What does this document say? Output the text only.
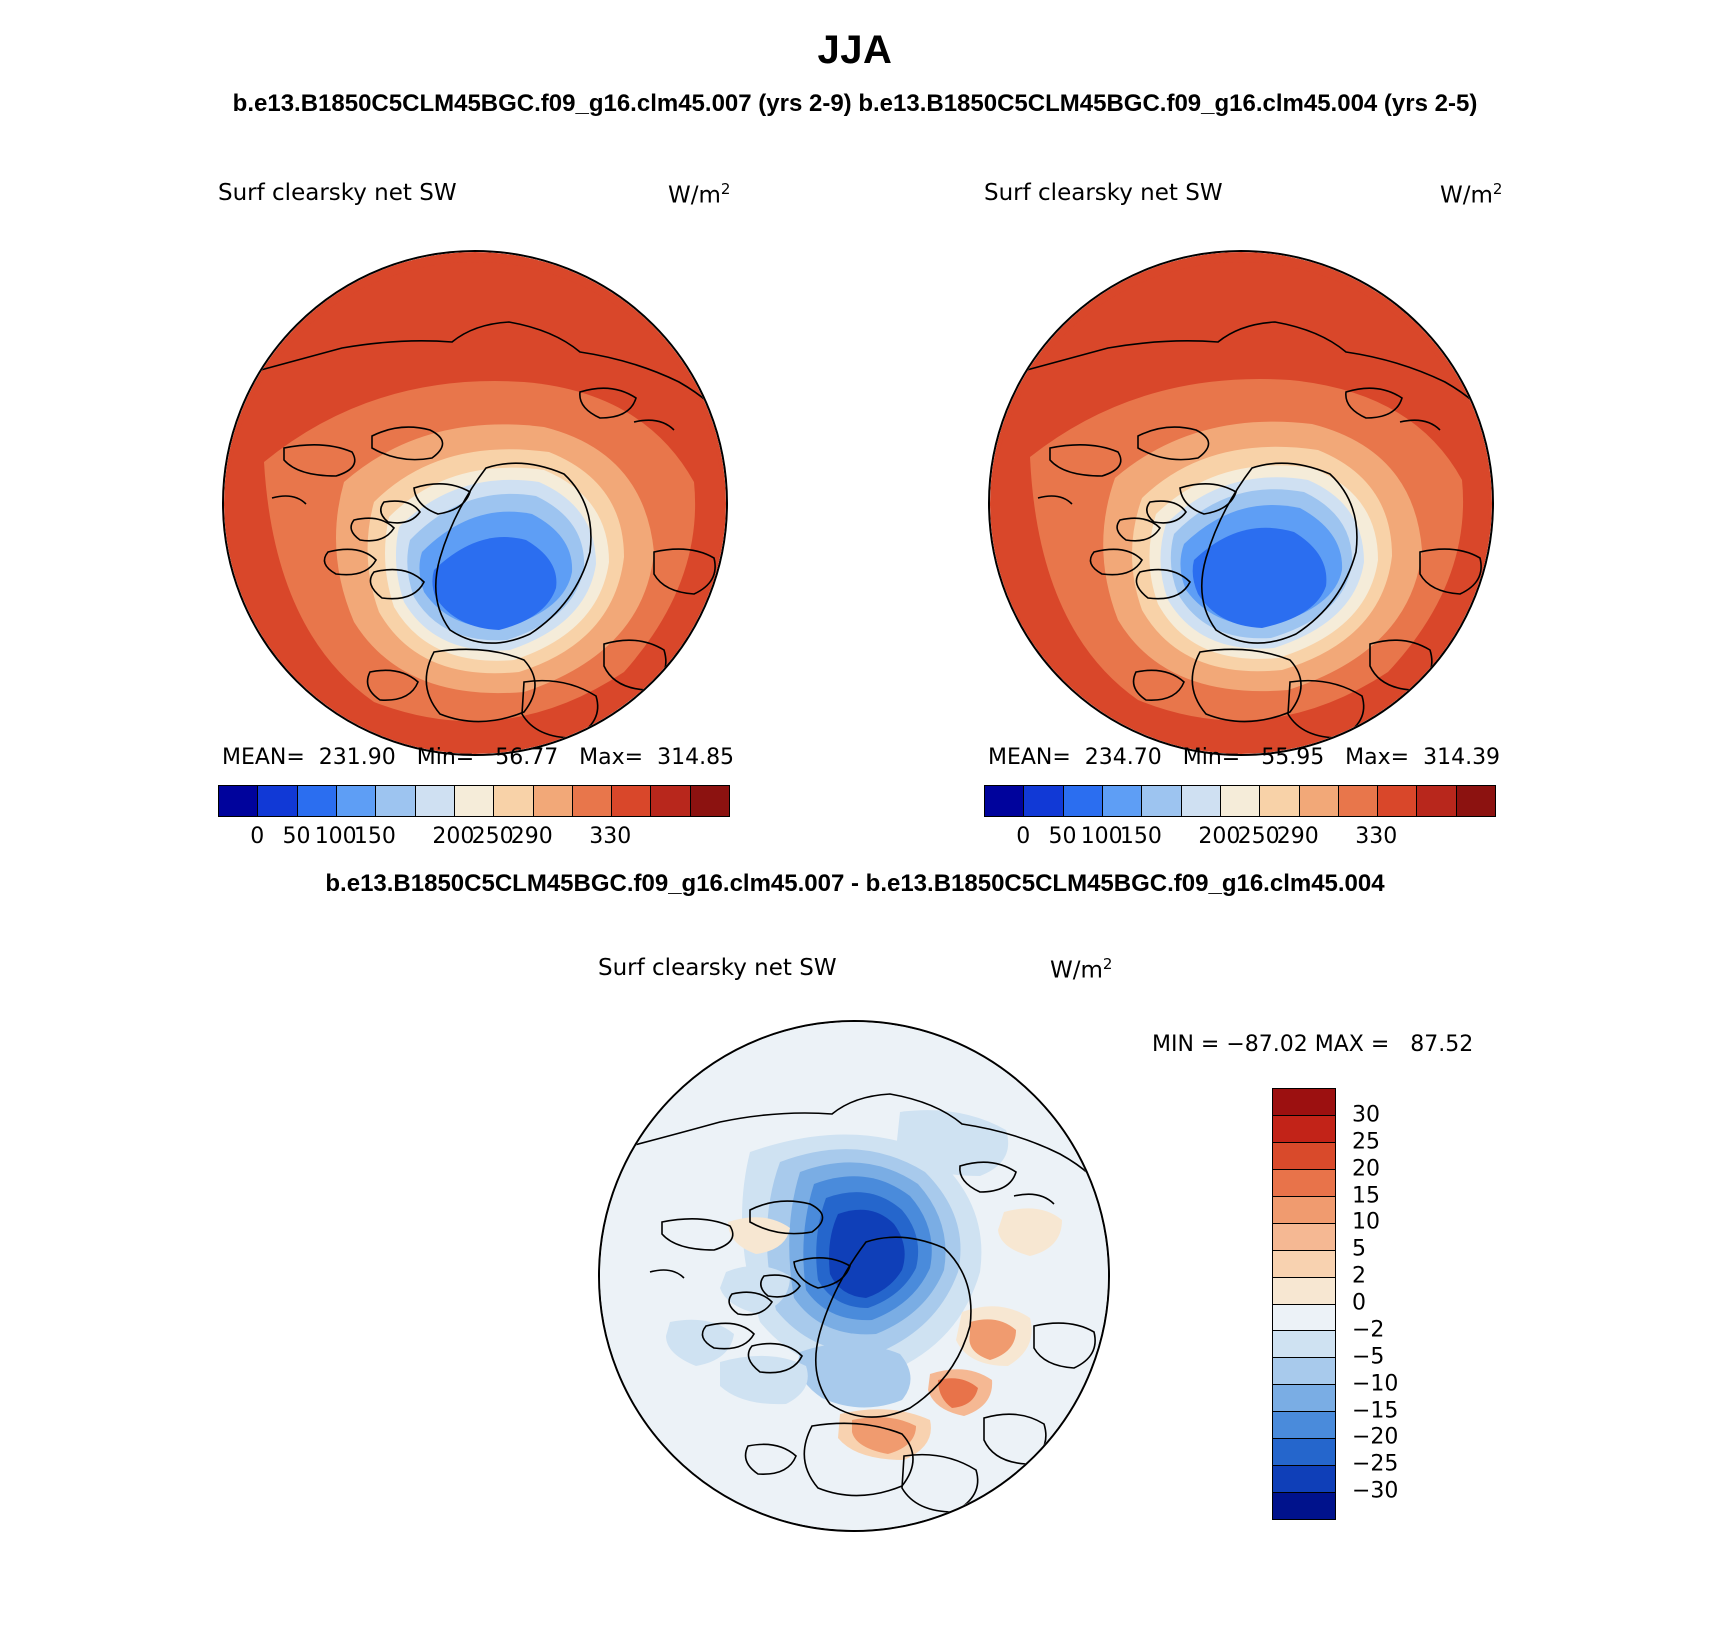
JJA
b.e13.B1850C5CLM45BGC.f09_g16.clm45.007 (yrs 2-9) b.e13.B1850C5CLM45BGC.f09_g16.clm45.004 (yrs 2-5)
Surf clearsky net SW	$W/m^2$
MEAN=  231.90   Min=   56.77   Max=  314.85
0 50 100
150 200
250
290 330
Surf clearsky net SW	$W/m^2$
MEAN=  234.70   Min=   55.95   Max=  314.39
0 50 100
150 200
250
290 330
b.e13.B1850C5CLM45BGC.f09_g16.clm45.007 - b.e13.B1850C5CLM45BGC.f09_g16.clm45.004
Surf clearsky net SW	$W/m^2$
MIN = −87.02 MAX =   87.52
30
25
20
15
10
5
2
0
−2
−5
−10
−15
−20
−25
−30
